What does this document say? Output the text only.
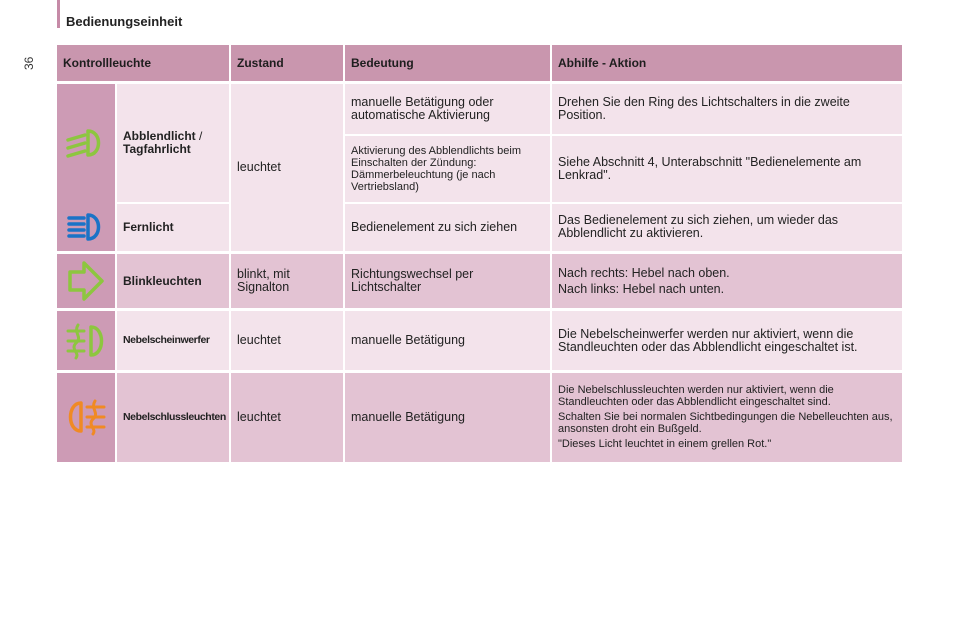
Bedienungseinheit
36 Kontrollleuchte		Zustand	Bedeutung	Abhilfe - Aktion

	Abblendlicht /
Tagfahrlicht	leuchtet	manuelle Betätigung oder automatische Aktivierung	Drehen Sie den Ring des Lichtschalters in die zweite Position.
			Aktivierung des Abblendlichts beim Einschalten der Zündung: Dämmerbeleuchtung (je nach Vertriebsland)	Siehe Abschnitt 4, Unterabschnitt "Bedienelemente am Lenkrad".

	Fernlicht		Bedienelement zu sich ziehen	Das Bedienelement zu sich ziehen, um wieder das Abblendlicht zu aktivieren.

	Blinkleuchten	blinkt, mit Signalton	Richtungswechsel per Lichtschalter	Nach rechts: Hebel nach oben.

Nach links: Hebel nach unten.

	Nebelscheinwerfer	leuchtet	manuelle Betätigung	Die Nebelscheinwerfer werden nur aktiviert, wenn die Standleuchten oder das Abblendlicht eingeschaltet ist.

	Nebelschlussleuchten	leuchtet	manuelle Betätigung	Die Nebelschlussleuchten werden nur aktiviert, wenn die Standleuchten oder das Abblendlicht eingeschaltet sind.

Schalten Sie bei normalen Sichtbedingungen die Nebelleuchten aus, ansonsten droht ein Bußgeld.

"Dieses Licht leuchtet in einem grellen Rot."
